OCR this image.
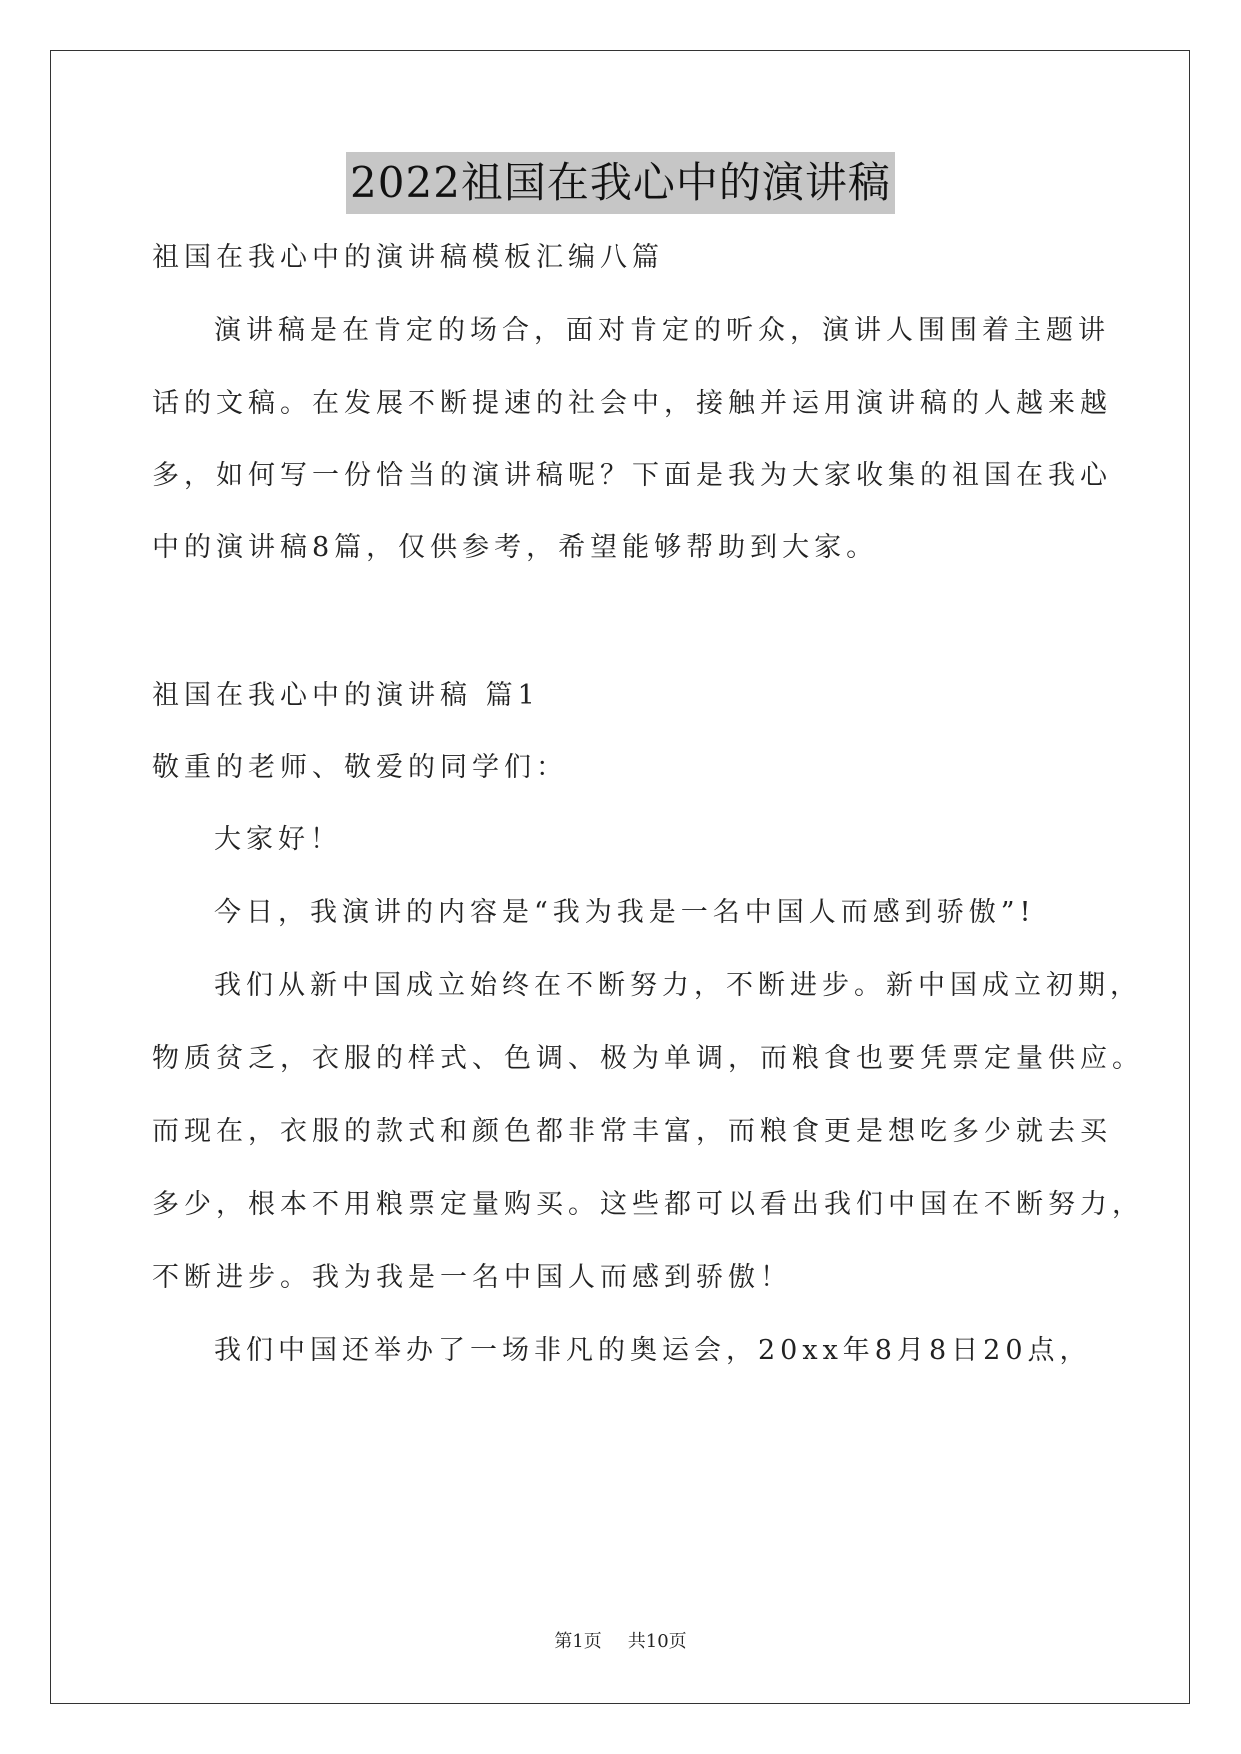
2022祖国在我心中的演讲稿
祖国在我心中的演讲稿模板汇编八篇
演讲稿是在肯定的场合，面对肯定的听众，演讲人围围着主题讲
话的文稿。在发展不断提速的社会中，接触并运用演讲稿的人越来越
多，如何写一份恰当的演讲稿呢？下面是我为大家收集的祖国在我心
中的演讲稿8篇，仅供参考，希望能够帮助到大家。
祖国在我心中的演讲稿 篇1
敬重的老师、敬爱的同学们：
大家好！
今日，我演讲的内容是“我为我是一名中国人而感到骄傲”!
我们从新中国成立始终在不断努力，不断进步。新中国成立初期，
物质贫乏，衣服的样式、色调、极为单调，而粮食也要凭票定量供应。
而现在，衣服的款式和颜色都非常丰富，而粮食更是想吃多少就去买
多少，根本不用粮票定量购买。这些都可以看出我们中国在不断努力，
不断进步。我为我是一名中国人而感到骄傲！
我们中国还举办了一场非凡的奥运会，20xx年8月8日20点，
第1页 共10页
